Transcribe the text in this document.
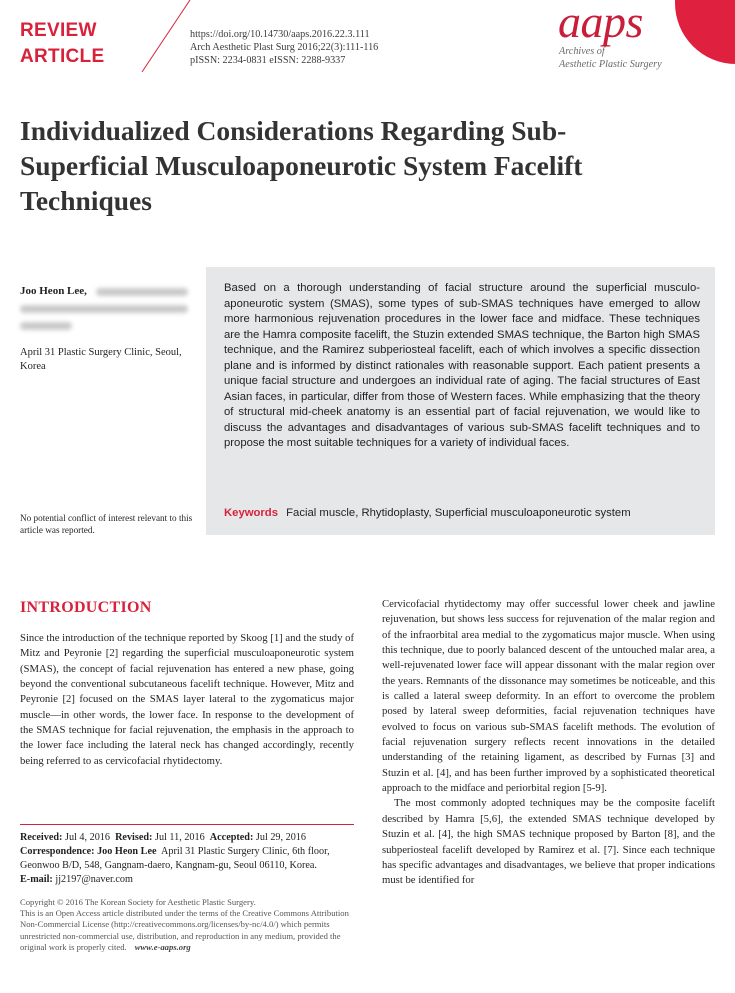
REVIEW
ARTICLE
https://doi.org/10.14730/aaps.2016.22.3.111
Arch Aesthetic Plast Surg 2016;22(3):111-116
pISSN: 2234-0831 eISSN: 2288-9337
aaps
Archives of
Aesthetic Plastic Surgery
Individualized Considerations Regarding Sub-Superficial Musculoaponeurotic System Facelift Techniques
Joo Heon Lee,
April 31 Plastic Surgery Clinic, Seoul, Korea
No potential conflict of interest relevant to this article was reported.
Based on a thorough understanding of facial structure around the superficial musculoaponeurotic system (SMAS), some types of sub-SMAS techniques have emerged to allow more harmonious rejuvenation procedures in the lower face and midface. These techniques are the Hamra composite facelift, the Stuzin extended SMAS technique, the Barton high SMAS technique, and the Ramirez subperiosteal facelift, each of which involves a specific dissection plane and is informed by distinct rationales with reasonable support. Each patient presents a unique facial structure and undergoes an individual rate of aging. The facial structures of East Asian faces, in particular, differ from those of Western faces. While emphasizing that the theory of structural mid-cheek anatomy is an essential part of facial rejuvenation, we would like to discuss the advantages and disadvantages of various sub-SMAS facelift techniques and to propose the most suitable techniques for a variety of individual faces.
Keywords Facial muscle, Rhytidoplasty, Superficial musculoaponeurotic system
INTRODUCTION

Since the introduction of the technique reported by Skoog [1] and the study of Mitz and Peyronie [2] regarding the superficial musculoaponeurotic system (SMAS), the concept of facial rejuvenation has entered a new phase, going beyond the conventional subcutaneous facelift technique. However, Mitz and Peyronie [2] focused on the SMAS layer lateral to the zygomaticus major muscle—in other words, the lower face. In response to the development of the SMAS technique for facial rejuvenation, the emphasis in the approach to the lower face including the lateral neck has changed accordingly, recently being referred to as cervicofacial rhytidectomy.

Cervicofacial rhytidectomy may offer successful lower cheek and jawline rejuvenation, but shows less success for rejuvenation of the malar region and of the infraorbital area medial to the zygomaticus major muscle. When using this technique, due to poorly balanced descent of the untouched malar area, a well-rejuvenated lower face will appear dissonant with the malar region over the years. Remnants of the dissonance may sometimes be noticeable, and this is called a lateral sweep deformity. In an effort to overcome the problem posed by lateral sweep deformities, facial rejuvenation techniques have evolved to focus on various sub-SMAS facelift methods. The evolution of facial rejuvenation surgery reflects recent innovations in the detailed understanding of the retaining ligament, as described by Furnas [3] and Stuzin et al. [4], and has been further improved by a sophisticated theoretical approach to the midface and periorbital region [5-9].

The most commonly adopted techniques may be the composite facelift described by Hamra [5,6], the extended SMAS technique developed by Stuzin et al. [4], the high SMAS technique proposed by Barton [8], and the subperiosteal facelift developed by Ramirez et al. [7]. Since each technique has specific advantages and disadvantages, we believe that proper indications must be identified for

Received: Jul 4, 2016 Revised: Jul 11, 2016 Accepted: Jul 29, 2016
Correspondence: Joo Heon Lee April 31 Plastic Surgery Clinic, 6th floor, Geonwoo B/D, 548, Gangnam-daero, Kangnam-gu, Seoul 06110, Korea.
E-mail: jj2197@naver.com
Copyright © 2016 The Korean Society for Aesthetic Plastic Surgery.
This is an Open Access article distributed under the terms of the Creative Commons Attribution Non-Commercial License (http://creativecommons.org/licenses/by-nc/4.0/) which permits unrestricted non-commercial use, distribution, and reproduction in any medium, provided the original work is properly cited. www.e-aaps.org
